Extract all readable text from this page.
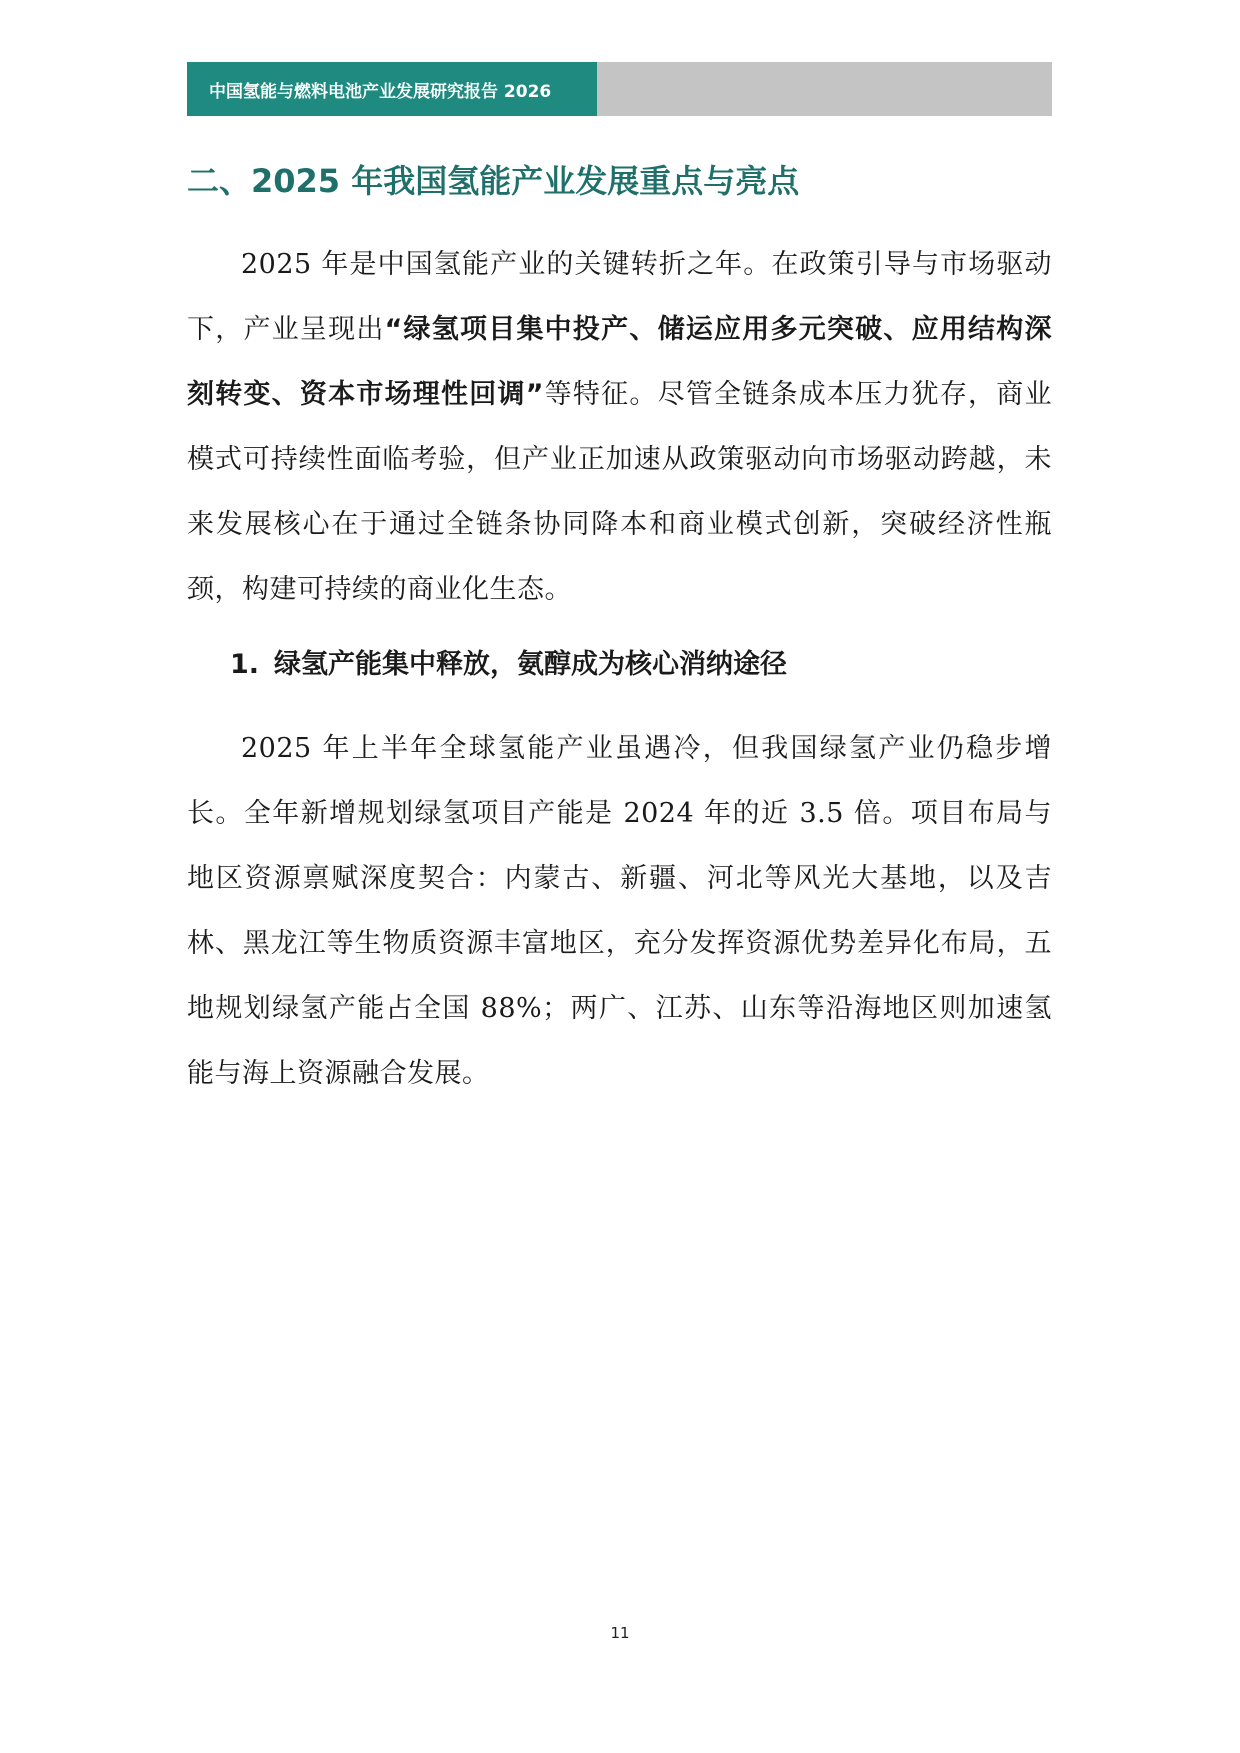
中国氢能与燃料电池产业发展研究报告 2026
二、2025 年我国氢能产业发展重点与亮点

2025 年是中国氢能产业的关键转折之年。在政策引导与市场驱动下，产业呈现出“绿氢项目集中投产、储运应用多元突破、应用结构深刻转变、资本市场理性回调”等特征。尽管全链条成本压力犹存，商业模式可持续性面临考验，但产业正加速从政策驱动向市场驱动跨越，未来发展核心在于通过全链条协同降本和商业模式创新，突破经济性瓶颈，构建可持续的商业化生态。

1. 绿氢产能集中释放，氨醇成为核心消纳途径

2025 年上半年全球氢能产业虽遇冷，但我国绿氢产业仍稳步增长。全年新增规划绿氢项目产能是 2024 年的近 3.5 倍。项目布局与地区资源禀赋深度契合：内蒙古、新疆、河北等风光大基地，以及吉林、黑龙江等生物质资源丰富地区，充分发挥资源优势差异化布局，五地规划绿氢产能占全国 88%；两广、江苏、山东等沿海地区则加速氢能与海上资源融合发展。

11
